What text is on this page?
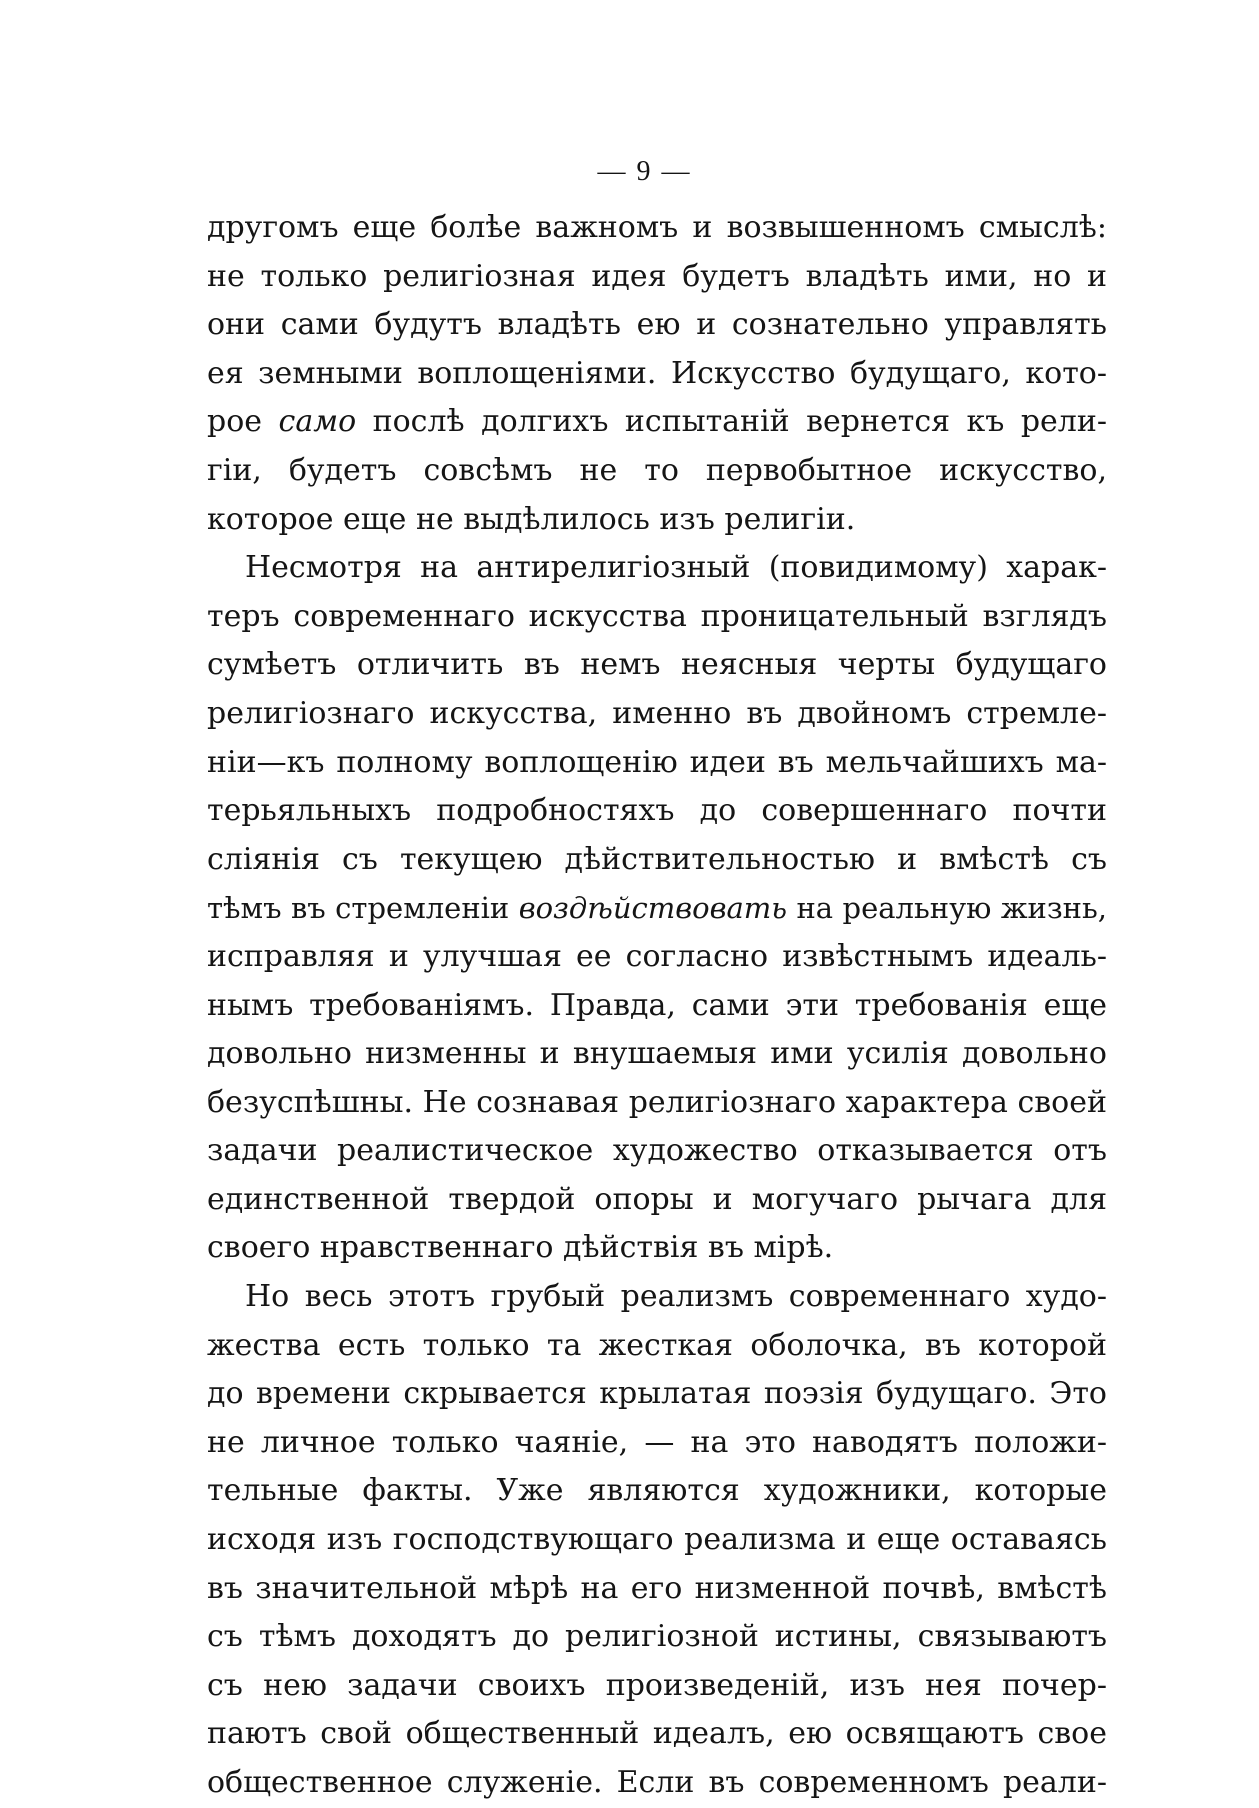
— 9 —
другомъ еще болѣе важномъ и возвышенномъ смыслѣ:
не только религіозная идея будетъ владѣть ими, но и
они сами будутъ владѣть ею и сознательно управлять
ея земными воплощеніями. Искусство будущаго, кото-
рое само послѣ долгихъ испытаній вернется къ рели-
гіи, будетъ совсѣмъ не то первобытное искусство,
которое еще не выдѣлилось изъ религіи.
Несмотря на антирелигіозный (повидимому) харак-
теръ современнаго искусства проницательный взглядъ
сумѣетъ отличить въ немъ неясныя черты будущаго
религіознаго искусства, именно въ двойномъ стремле-
ніи—къ полному воплощенію идеи въ мельчайшихъ ма-
терьяльныхъ подробностяхъ до совершеннаго почти
сліянія съ текущею дѣйствительностью и вмѣстѣ съ
тѣмъ въ стремленіи воздѣйствовать на реальную жизнь,
исправляя и улучшая ее согласно извѣстнымъ идеаль-
нымъ требованіямъ. Правда, сами эти требованія еще
довольно низменны и внушаемыя ими усилія довольно
безуспѣшны. Не сознавая религіознаго характера своей
задачи реалистическое художество отказывается отъ
единственной твердой опоры и могучаго рычага для
своего нравственнаго дѣйствія въ мірѣ.
Но весь этотъ грубый реализмъ современнаго худо-
жества есть только та жесткая оболочка, въ которой
до времени скрывается крылатая поэзія будущаго. Это
не личное только чаяніе, — на это наводятъ положи-
тельные факты. Уже являются художники, которые
исходя изъ господствующаго реализма и еще оставаясь
въ значительной мѣрѣ на его низменной почвѣ, вмѣстѣ
съ тѣмъ доходятъ до религіозной истины, связываютъ
съ нею задачи своихъ произведеній, изъ нея почер-
паютъ свой общественный идеалъ, ею освящаютъ свое
общественное служеніе. Если въ современномъ реали-
